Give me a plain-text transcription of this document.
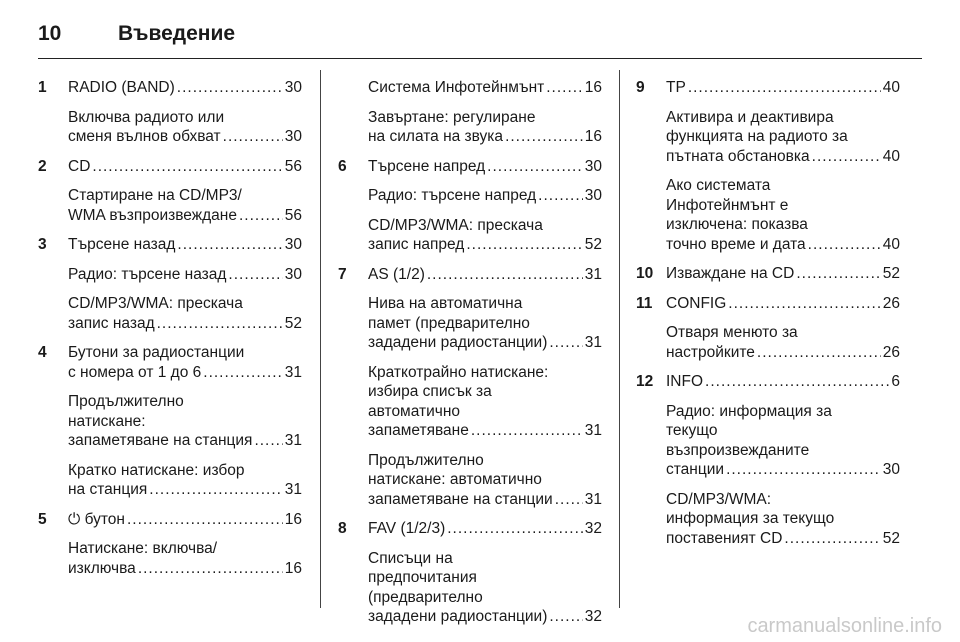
10	Въведение
1 RADIO (BAND) .....	30
Включва радиото или
сменя вълнов обхват .....	30
2 CD .....	56
Стартиране на CD/MP3/
WMA възпроизвеждане .....	56
3 Търсене назад .....	30
Радио: търсене назад .....	30
CD/MP3/WMA: прескача
запис назад .....	52
4 Бутони за радиостанции
с номера от 1 до 6 .....	31
Продължително
натискане:
запаметяване на станция ..... 31
Кратко натискане: избор
на станция .....	31
5 ⏻ бутон .....	16
Натискане: включва/
изключва .....	16
Система Инфотейнмънт .....	16
Завъртане: регулиране
на силата на звука .....	16
6 Търсене напред .....	30
Радио: търсене напред .....	30
CD/MP3/WMA: прескача
запис напред .....	52
7 AS (1/2) .....	31
Нива на автоматична
памет (предварително
зададени радиостанции) ..... 31
Краткотрайно натискане:
избира списък за
автоматично
запаметяване .....	31
Продължително
натискане: автоматично
запаметяване на станции ..... 31
8 FAV (1/2/3) .....	32
Списъци на
предпочитания
(предварително
зададени радиостанции) ..... 32
9 TP .....	40
Активира и деактивира
функцията на радиото за
пътната обстановка .....	40
Ако системата
Инфотейнмънт е
изключена: показва
точно време и дата .....	40
10 Изваждане на CD .....	52
11 CONFIG .....	26
Отваря менюто за
настройките .....	26
12 INFO .....	6
Радио: информация за
текущо
възпроизвежданите
станции .....	30
CD/MP3/WMA:
информация за текущо
поставеният CD .....	52
carmanualsonline.info
